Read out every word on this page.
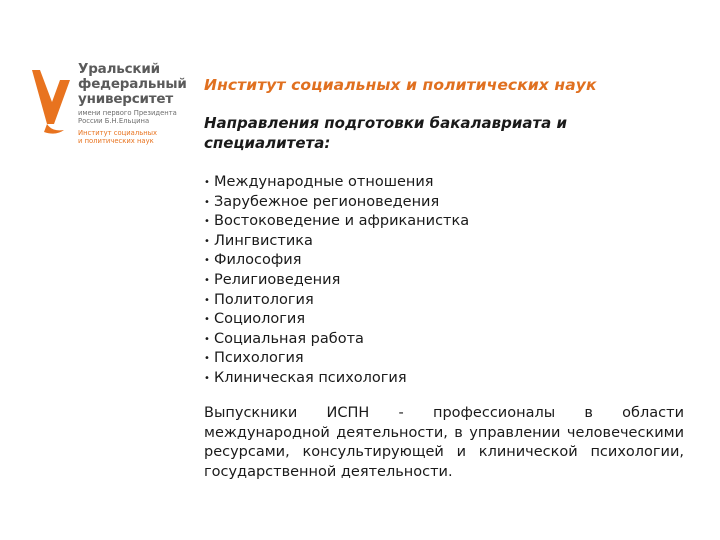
Уральский
федеральный
университет
имени первого Президента
России Б.Н.Ельцина
Институт социальных
и политических наук
Институт социальных и политических наук
Направления подготовки бакалавриата и специалитета:
• Международные отношения
• Зарубежное регионоведения
• Востоковедение и африканистка
• Лингвистика
• Философия
• Религиоведения
• Политология
• Социология
• Социальная работа
• Психология
• Клиническая психология
Выпускники ИСПН - профессионалы в области международной деятельности, в управлении человеческими ресурсами, консультирующей и клинической психологии, государственной деятельности.
